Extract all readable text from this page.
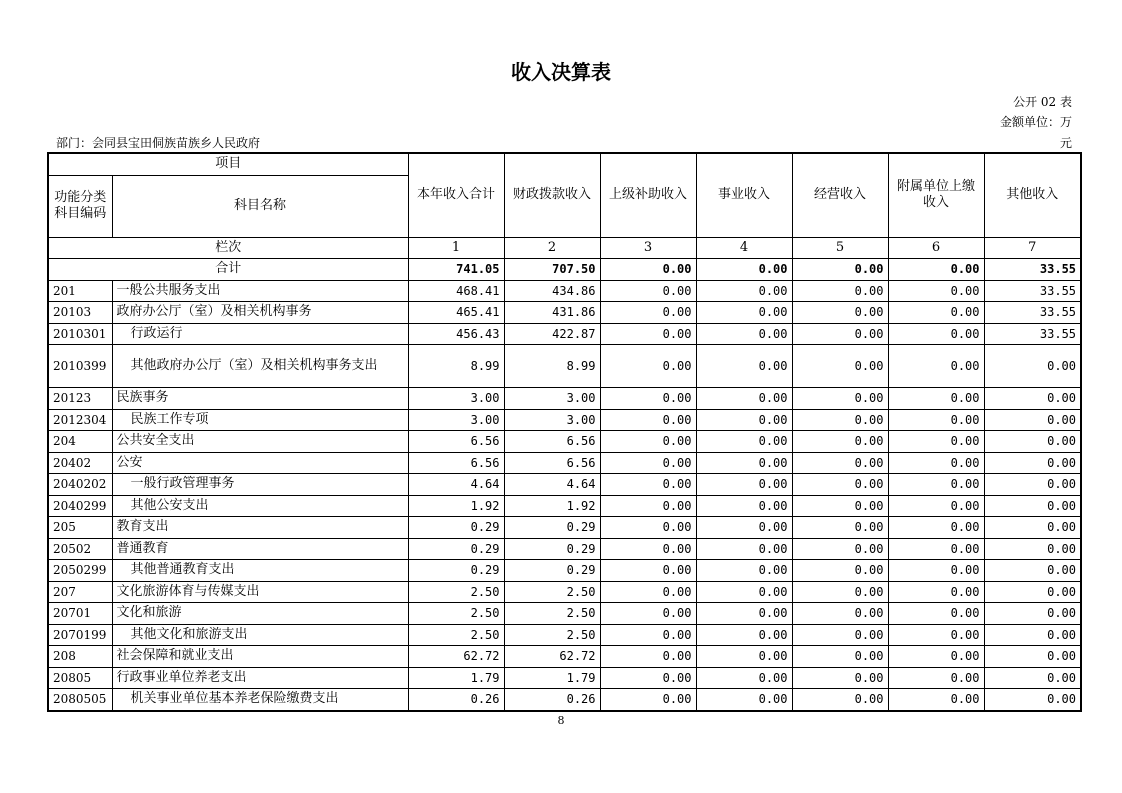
收入决算表
公开 02 表
金额单位：万
元
部门：会同县宝田侗族苗族乡人民政府
项目		本年收入合计	财政拨款收入	上级补助收入	事业收入	经营收入	附属单位上缴收入	其他收入
功能分类科目编码	科目名称							
栏次		1	2	3	4	5	6	7
合计		741.05	707.50	0.00	0.00	0.00	0.00	33.55
201	一般公共服务支出	468.41	434.86	0.00	0.00	0.00	0.00	33.55
20103	政府办公厅（室）及相关机构事务	465.41	431.86	0.00	0.00	0.00	0.00	33.55
2010301	行政运行	456.43	422.87	0.00	0.00	0.00	0.00	33.55
2010399	其他政府办公厅（室）及相关机构事务支出	8.99	8.99	0.00	0.00	0.00	0.00	0.00
20123	民族事务	3.00	3.00	0.00	0.00	0.00	0.00	0.00
2012304	民族工作专项	3.00	3.00	0.00	0.00	0.00	0.00	0.00
204	公共安全支出	6.56	6.56	0.00	0.00	0.00	0.00	0.00
20402	公安	6.56	6.56	0.00	0.00	0.00	0.00	0.00
2040202	一般行政管理事务	4.64	4.64	0.00	0.00	0.00	0.00	0.00
2040299	其他公安支出	1.92	1.92	0.00	0.00	0.00	0.00	0.00
205	教育支出	0.29	0.29	0.00	0.00	0.00	0.00	0.00
20502	普通教育	0.29	0.29	0.00	0.00	0.00	0.00	0.00
2050299	其他普通教育支出	0.29	0.29	0.00	0.00	0.00	0.00	0.00
207	文化旅游体育与传媒支出	2.50	2.50	0.00	0.00	0.00	0.00	0.00
20701	文化和旅游	2.50	2.50	0.00	0.00	0.00	0.00	0.00
2070199	其他文化和旅游支出	2.50	2.50	0.00	0.00	0.00	0.00	0.00
208	社会保障和就业支出	62.72	62.72	0.00	0.00	0.00	0.00	0.00
20805	行政事业单位养老支出	1.79	1.79	0.00	0.00	0.00	0.00	0.00
2080505	机关事业单位基本养老保险缴费支出	0.26	0.26	0.00	0.00	0.00	0.00	0.00
8
